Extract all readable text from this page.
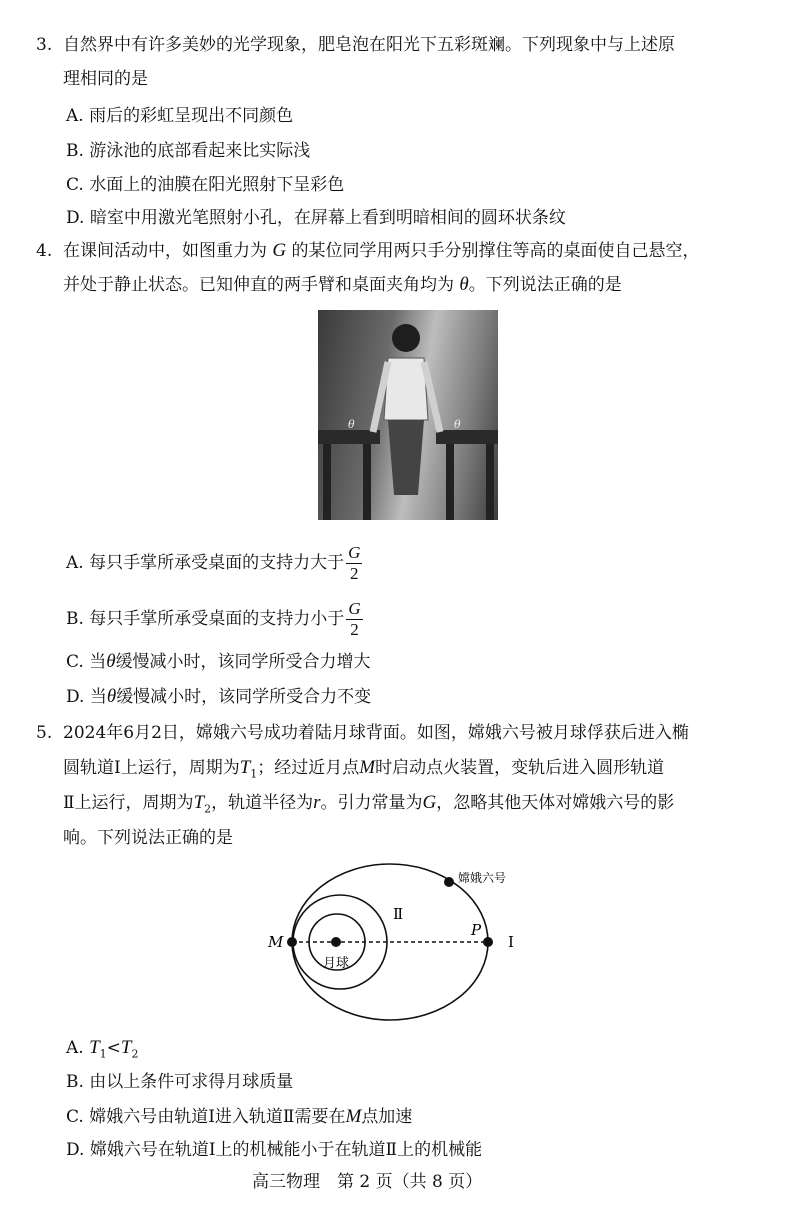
3. 自然界中有许多美妙的光学现象，肥皂泡在阳光下五彩斑斓。下列现象中与上述原
理相同的是
A. 雨后的彩虹呈现出不同颜色
B. 游泳池的底部看起来比实际浅
C. 水面上的油膜在阳光照射下呈彩色
D. 暗室中用激光笔照射小孔，在屏幕上看到明暗相间的圆环状条纹
4. 在课间活动中，如图重力为 G 的某位同学用两只手分别撑住等高的桌面使自己悬空，
并处于静止状态。已知伸直的两手臂和桌面夹角均为 θ。下列说法正确的是
A. 每只手掌所承受桌面的支持力大于 $\frac{G}{2}$
B. 每只手掌所承受桌面的支持力小于 $\frac{G}{2}$
C. 当θ缓慢减小时，该同学所受合力增大
D. 当θ缓慢减小时，该同学所受合力不变
5. 2024年6月2日，嫦娥六号成功着陆月球背面。如图，嫦娥六号被月球俘获后进入椭
圆轨道Ⅰ上运行，周期为$T_1$；经过近月点M时启动点火装置，变轨后进入圆形轨道
Ⅱ上运行，周期为$T_2$，轨道半径为r。引力常量为G，忽略其他天体对嫦娥六号的影
响。下列说法正确的是
A. $T_1<T_2$
B. 由以上条件可求得月球质量
C. 嫦娥六号由轨道Ⅰ进入轨道Ⅱ需要在M点加速
D. 嫦娥六号在轨道Ⅰ上的机械能小于在轨道Ⅱ上的机械能
高三物理　第 2 页（共 8 页）
θ	θ
嫦娥六号
月球
Ⅱ
Ⅰ
M
P
